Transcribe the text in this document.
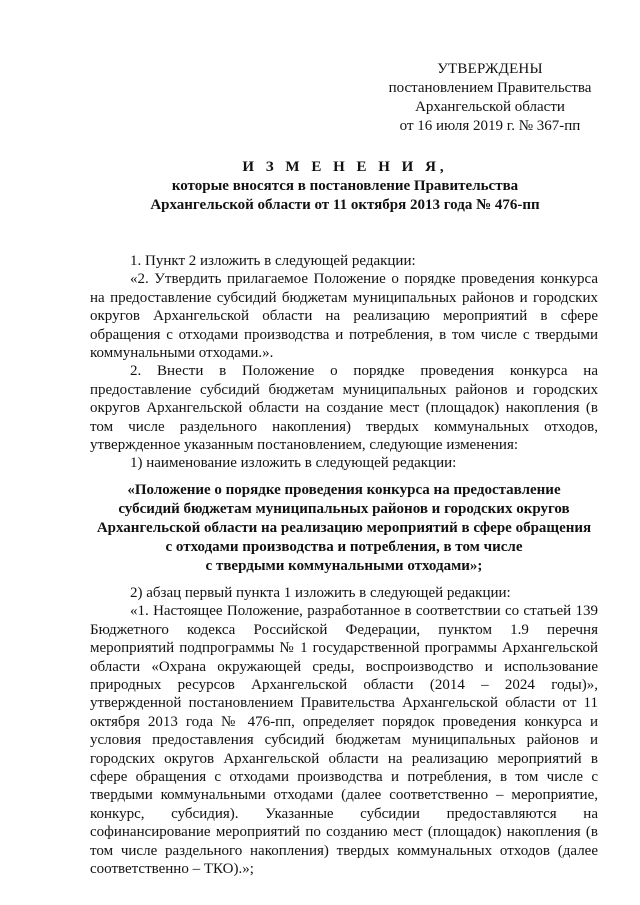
УТВЕРЖДЕНЫ
постановлением Правительства
Архангельской области
от 16 июля 2019 г. № 367-пп
И З М Е Н Е Н И Я,
которые вносятся в постановление Правительства
Архангельской области от 11 октября 2013 года № 476-пп

1. Пункт 2 изложить в следующей редакции:

«2. Утвердить прилагаемое Положение о порядке проведения конкурса на предоставление субсидий бюджетам муниципальных районов и городских округов Архангельской области на реализацию мероприятий в сфере обращения с отходами производства и потребления, в том числе с твердыми коммунальными отходами.».

2. Внести в Положение о порядке проведения конкурса на предоставление субсидий бюджетам муниципальных районов и городских округов Архангельской области на создание мест (площадок) накопления (в том числе раздельного накопления) твердых коммунальных отходов, утвержденное указанным постановлением, следующие изменения:

1) наименование изложить в следующей редакции:

«Положение о порядке проведения конкурса на предоставление
субсидий бюджетам муниципальных районов и городских округов
Архангельской области на реализацию мероприятий в сфере обращения
с отходами производства и потребления, в том числе
с твердыми коммунальными отходами»;

2) абзац первый пункта 1 изложить в следующей редакции:

«1. Настоящее Положение, разработанное в соответствии со статьей 139 Бюджетного кодекса Российской Федерации, пунктом 1.9 перечня мероприятий подпрограммы № 1 государственной программы Архангельской области «Охрана окружающей среды, воспроизводство и использование природных ресурсов Архангельской области (2014 – 2024 годы)», утвержденной постановлением Правительства Архангельской области от 11 октября 2013 года № 476-пп, определяет порядок проведения конкурса и условия предоставления субсидий бюджетам муниципальных районов и городских округов Архангельской области на реализацию мероприятий в сфере обращения с отходами производства и потребления, в том числе с твердыми коммунальными отходами (далее соответственно – мероприятие, конкурс, субсидия). Указанные субсидии предоставляются на софинансирование мероприятий по созданию мест (площадок) накопления (в том числе раздельного накопления) твердых коммунальных отходов (далее соответственно – ТКО).»;
